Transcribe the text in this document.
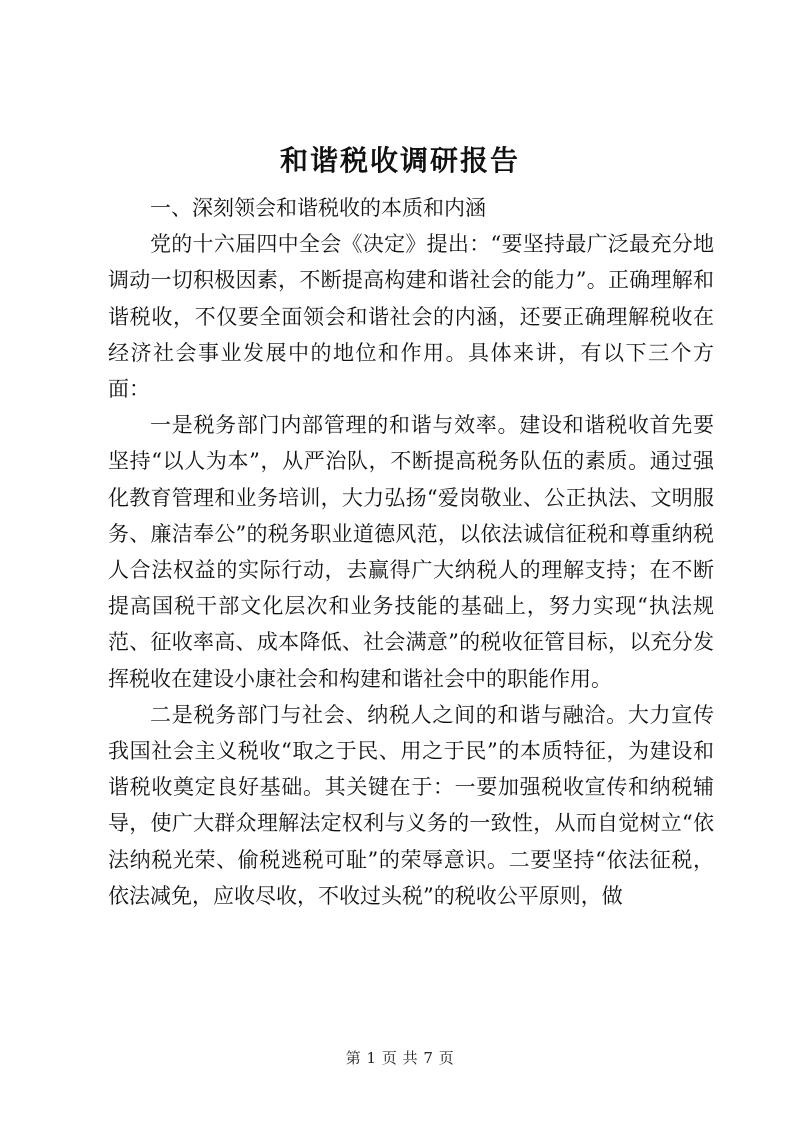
和谐税收调研报告

一、深刻领会和谐税收的本质和内涵

党的十六届四中全会《决定》提出：“要坚持最广泛最充分地调动一切积极因素，不断提高构建和谐社会的能力”。正确理解和谐税收，不仅要全面领会和谐社会的内涵，还要正确理解税收在经济社会事业发展中的地位和作用。具体来讲，有以下三个方面：

一是税务部门内部管理的和谐与效率。建设和谐税收首先要坚持“以人为本”，从严治队，不断提高税务队伍的素质。通过强化教育管理和业务培训，大力弘扬“爱岗敬业、公正执法、文明服务、廉洁奉公”的税务职业道德风范，以依法诚信征税和尊重纳税人合法权益的实际行动，去赢得广大纳税人的理解支持；在不断提高国税干部文化层次和业务技能的基础上，努力实现“执法规范、征收率高、成本降低、社会满意”的税收征管目标，以充分发挥税收在建设小康社会和构建和谐社会中的职能作用。

二是税务部门与社会、纳税人之间的和谐与融洽。大力宣传我国社会主义税收“取之于民、用之于民”的本质特征，为建设和谐税收奠定良好基础。其关键在于：一要加强税收宣传和纳税辅导，使广大群众理解法定权利与义务的一致性，从而自觉树立“依法纳税光荣、偷税逃税可耻”的荣辱意识。二要坚持“依法征税，依法减免，应收尽收，不收过头税”的税收公平原则，做

第 1 页 共 7 页
